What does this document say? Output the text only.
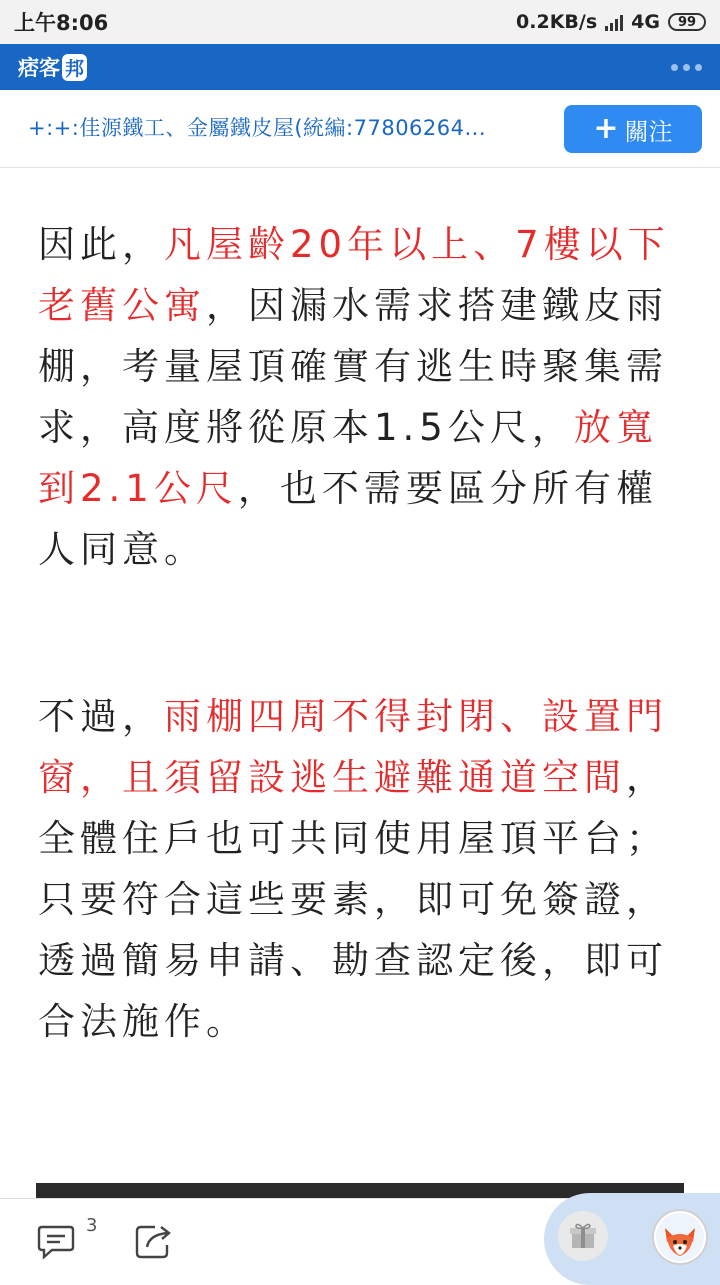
上午8:06	0.2KB/s 4G 99
痞客 邦
+:+:佳源鐵工、金屬鐵皮屋(統編:77806264...	+ 關注
因此，凡屋齡20年以上、7樓以下老舊公寓，因漏水需求搭建鐵皮雨棚，考量屋頂確實有逃生時聚集需求，高度將從原本1.5公尺，放寬到2.1公尺，也不需要區分所有權人同意。
不過，雨棚四周不得封閉、設置門窗，且須留設逃生避難通道空間，全體住戶也可共同使用屋頂平台；只要符合這些要素，即可免簽證，透過簡易申請、勘查認定後，即可合法施作。
3
